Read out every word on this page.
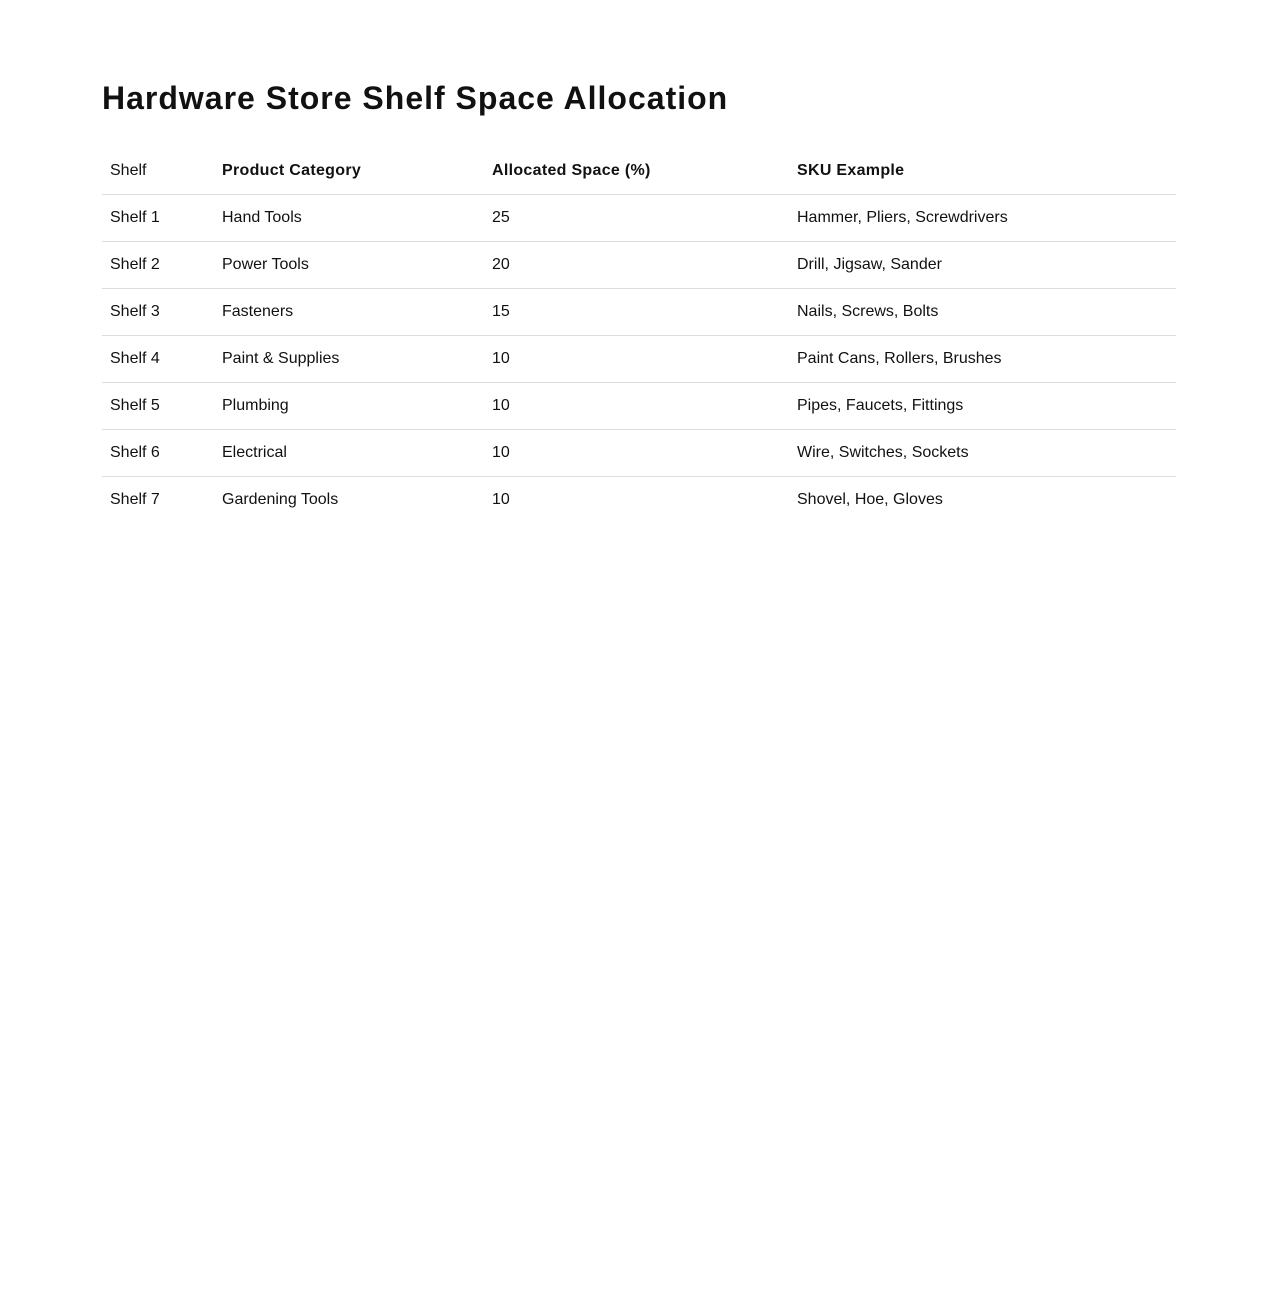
Hardware Store Shelf Space Allocation
Shelf	Product Category	Allocated Space (%)	SKU Example
Shelf 1	Hand Tools	25	Hammer, Pliers, Screwdrivers
Shelf 2	Power Tools	20	Drill, Jigsaw, Sander
Shelf 3	Fasteners	15	Nails, Screws, Bolts
Shelf 4	Paint & Supplies	10	Paint Cans, Rollers, Brushes
Shelf 5	Plumbing	10	Pipes, Faucets, Fittings
Shelf 6	Electrical	10	Wire, Switches, Sockets
Shelf 7	Gardening Tools	10	Shovel, Hoe, Gloves
